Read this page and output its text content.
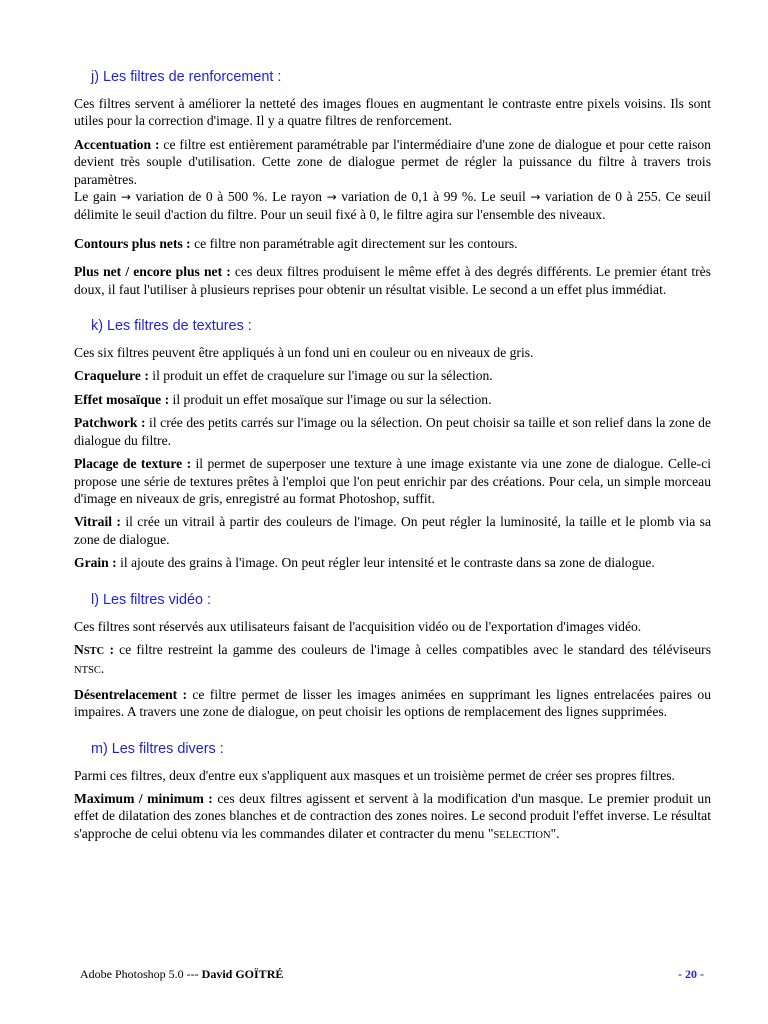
j) Les filtres de renforcement :

Ces filtres servent à améliorer la netteté des images floues en augmentant le contraste entre pixels voisins. Ils sont utiles pour la correction d'image. Il y a quatre filtres de renforcement.

Accentuation : ce filtre est entièrement paramétrable par l'intermédiaire d'une zone de dialogue et pour cette raison devient très souple d'utilisation. Cette zone de dialogue permet de régler la puissance du filtre à travers trois paramètres.

Le gain → variation de 0 à 500 %. Le rayon → variation de 0,1 à 99 %. Le seuil → variation de 0 à 255. Ce seuil délimite le seuil d'action du filtre. Pour un seuil fixé à 0, le filtre agira sur l'ensemble des niveaux.

Contours plus nets : ce filtre non paramétrable agit directement sur les contours.

Plus net / encore plus net : ces deux filtres produisent le même effet à des degrés différents. Le premier étant très doux, il faut l'utiliser à plusieurs reprises pour obtenir un résultat visible. Le second a un effet plus immédiat.

k) Les filtres de textures :

Ces six filtres peuvent être appliqués à un fond uni en couleur ou en niveaux de gris.

Craquelure : il produit un effet de craquelure sur l'image ou sur la sélection.

Effet mosaïque : il produit un effet mosaïque sur l'image ou sur la sélection.

Patchwork : il crée des petits carrés sur l'image ou la sélection. On peut choisir sa taille et son relief dans la zone de dialogue du filtre.

Placage de texture : il permet de superposer une texture à une image existante via une zone de dialogue. Celle-ci propose une série de textures prêtes à l'emploi que l'on peut enrichir par des créations. Pour cela, un simple morceau d'image en niveaux de gris, enregistré au format Photoshop, suffit.

Vitrail : il crée un vitrail à partir des couleurs de l'image. On peut régler la luminosité, la taille et le plomb via sa zone de dialogue.

Grain : il ajoute des grains à l'image. On peut régler leur intensité et le contraste dans sa zone de dialogue.

l) Les filtres vidéo :

Ces filtres sont réservés aux utilisateurs faisant de l'acquisition vidéo ou de l'exportation d'images vidéo.

NSTC : ce filtre restreint la gamme des couleurs de l'image à celles compatibles avec le standard des téléviseurs NTSC.

Désentrelacement : ce filtre permet de lisser les images animées en supprimant les lignes entrelacées paires ou impaires. A travers une zone de dialogue, on peut choisir les options de remplacement des lignes supprimées.

m) Les filtres divers :

Parmi ces filtres, deux d'entre eux s'appliquent aux masques et un troisième permet de créer ses propres filtres.

Maximum / minimum : ces deux filtres agissent et servent à la modification d'un masque. Le premier produit un effet de dilatation des zones blanches et de contraction des zones noires. Le second produit l'effet inverse. Le résultat s'approche de celui obtenu via les commandes dilater et contracter du menu "SELECTION".

Adobe Photoshop 5.0 --- David GOÏTRÉ	- 20 -
